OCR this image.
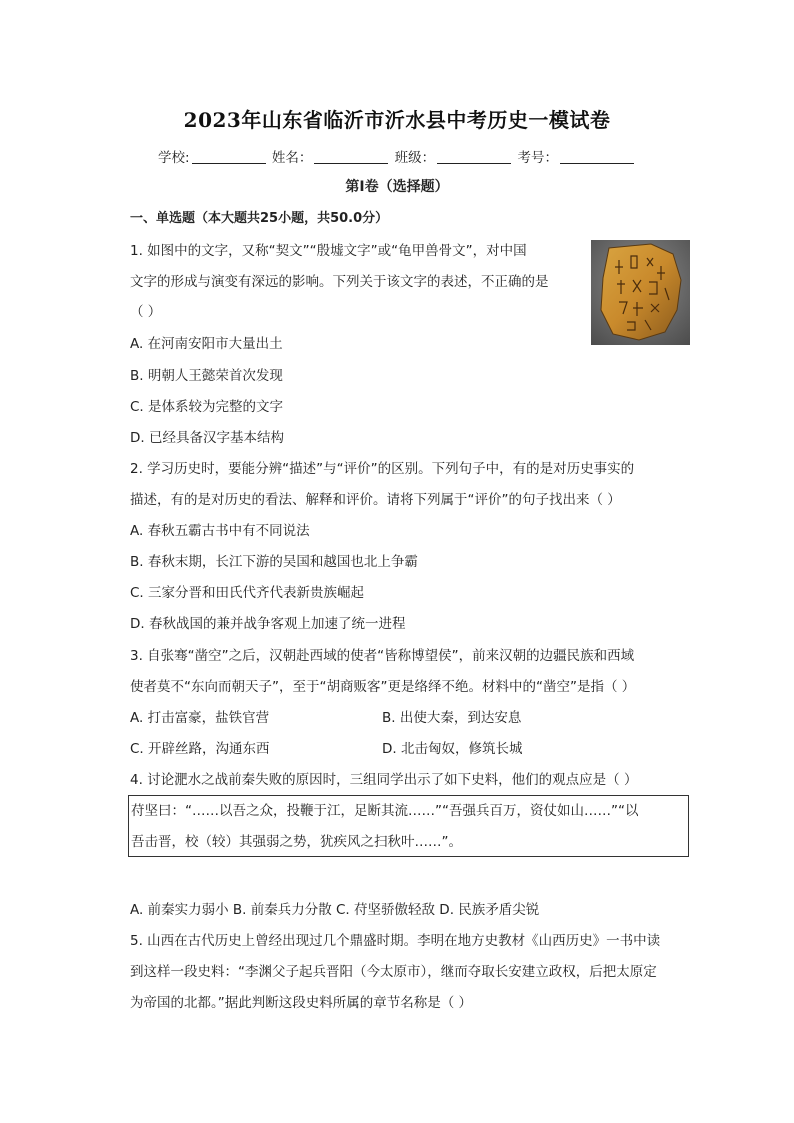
2023年山东省临沂市沂水县中考历史一模试卷
学校:	姓名：	班级：	考号：
第I卷（选择题）
一、单选题（本大题共25小题，共50.0分）
1. 如图中的文字，又称“契文”“殷墟文字”或“龟甲兽骨文”，对中国
文字的形成与演变有深远的影响。下列关于该文字的表述，不正确的是
（ ）
A. 在河南安阳市大量出土
B. 明朝人王懿荣首次发现
C. 是体系较为完整的文字
D. 已经具备汉字基本结构
2. 学习历史时，要能分辨“描述”与“评价”的区别。下列句子中，有的是对历史事实的
描述，有的是对历史的看法、解释和评价。请将下列属于“评价”的句子找出来（ ）
A. 春秋五霸古书中有不同说法
B. 春秋末期，长江下游的吴国和越国也北上争霸
C. 三家分晋和田氏代齐代表新贵族崛起
D. 春秋战国的兼并战争客观上加速了统一进程
3. 自张骞“凿空”之后，汉朝赴西域的使者“皆称博望侯”，前来汉朝的边疆民族和西域
使者莫不“东向而朝天子”，至于“胡商贩客”更是络绎不绝。材料中的“凿空”是指（ ）
A. 打击富豪，盐铁官营	B. 出使大秦，到达安息
C. 开辟丝路，沟通东西	D. 北击匈奴，修筑长城
4. 讨论淝水之战前秦失败的原因时，三组同学出示了如下史料，他们的观点应是（ ）
苻坚曰：“……以吾之众，投鞭于江，足断其流……”“吾强兵百万，资仗如山……”“以
吾击晋，校（较）其强弱之势，犹疾风之扫秋叶……”。
A. 前秦实力弱小 B. 前秦兵力分散 C. 苻坚骄傲轻敌 D. 民族矛盾尖锐
5. 山西在古代历史上曾经出现过几个鼎盛时期。李明在地方史教材《山西历史》一书中读
到这样一段史料：“李渊父子起兵晋阳（今太原市），继而夺取长安建立政权，后把太原定
为帝国的北都。”据此判断这段史料所属的章节名称是（ ）
